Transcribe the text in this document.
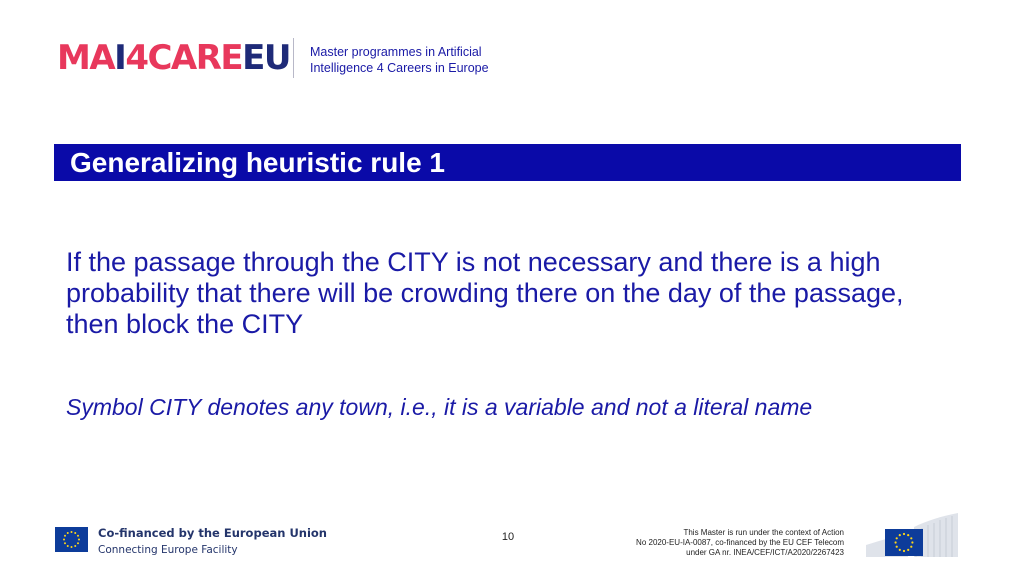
MAI4CAREEU Master programmes in Artificial
Intelligence 4 Careers in Europe
Generalizing heuristic rule 1

If the passage through the CITY is not necessary and there is a high probability that there will be crowding there on the day of the passage, then block the CITY

Symbol CITY denotes any town, i.e., it is a variable and not a literal name

Co-financed by the European Union
Connecting Europe Facility
10	This Master is run under the context of Action
No 2020-EU-IA-0087, co-financed by the EU CEF Telecom
under GA nr. INEA/CEF/ICT/A2020/2267423
